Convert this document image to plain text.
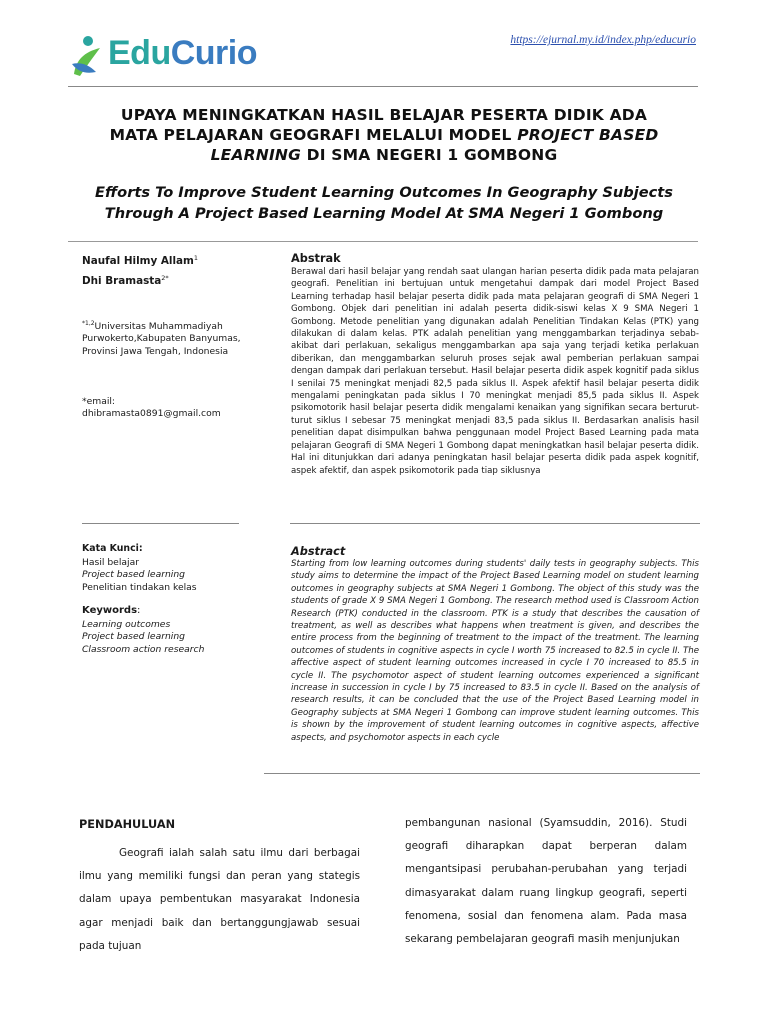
EduCurio	https://ejurnal.my.id/index.php/educurio
UPAYA MENINGKATKAN HASIL BELAJAR PESERTA DIDIK ADA
MATA PELAJARAN GEOGRAFI MELALUI MODEL PROJECT BASED
LEARNING DI SMA NEGERI 1 GOMBONG
Efforts To Improve Student Learning Outcomes In Geography Subjects
Through A Project Based Learning Model At SMA Negeri 1 Gombong
Naufal Hilmy Allam$^1$
Dhi Bramasta$^{2*}$
$^{*1,2}$Universitas Muhammadiyah Purwokerto,Kabupaten Banyumas, Provinsi Jawa Tengah, Indonesia
*email:
dhibramasta0891@gmail.com
Abstrak
Berawal dari hasil belajar yang rendah saat ulangan harian peserta didik pada mata pelajaran geografi. Penelitian ini bertujuan untuk mengetahui dampak dari model Project Based Learning terhadap hasil belajar peserta didik pada mata pelajaran geografi di SMA Negeri 1 Gombong. Objek dari penelitian ini adalah peserta didik-siswi kelas X 9 SMA Negeri 1 Gombong. Metode penelitian yang digunakan adalah Penelitian Tindakan Kelas (PTK) yang dilakukan di dalam kelas. PTK adalah penelitian yang menggambarkan terjadinya sebab-akibat dari perlakuan, sekaligus menggambarkan apa saja yang terjadi ketika perlakuan diberikan, dan menggambarkan seluruh proses sejak awal pemberian perlakuan sampai dengan dampak dari perlakuan tersebut. Hasil belajar peserta didik aspek kognitif pada siklus I senilai 75 meningkat menjadi 82,5 pada siklus II. Aspek afektif hasil belajar peserta didik mengalami peningkatan pada siklus I 70 meningkat menjadi 85,5 pada siklus II. Aspek psikomotorik hasil belajar peserta didik mengalami kenaikan yang signifikan secara berturut-turut siklus I sebesar 75 meningkat menjadi 83,5 pada siklus II. Berdasarkan analisis hasil penelitian dapat disimpulkan bahwa penggunaan model Project Based Learning pada mata pelajaran Geografi di SMA Negeri 1 Gombong dapat meningkatkan hasil belajar peserta didik. Hal ini ditunjukkan dari adanya peningkatan hasil belajar peserta didik pada aspek kognitif, aspek afektif, dan aspek psikomotorik pada tiap siklusnya
Kata Kunci:
Hasil belajar
Project based learning
Penelitian tindakan kelas
Keywords:
Learning outcomes
Project based learning
Classroom action research
Abstract
Starting from low learning outcomes during students' daily tests in geography subjects. This study aims to determine the impact of the Project Based Learning model on student learning outcomes in geography subjects at SMA Negeri 1 Gombong. The object of this study was the students of grade X 9 SMA Negeri 1 Gombong. The research method used is Classroom Action Research (PTK) conducted in the classroom. PTK is a study that describes the causation of treatment, as well as describes what happens when treatment is given, and describes the entire process from the beginning of treatment to the impact of the treatment. The learning outcomes of students in cognitive aspects in cycle I worth 75 increased to 82.5 in cycle II. The affective aspect of student learning outcomes increased in cycle I 70 increased to 85.5 in cycle II. The psychomotor aspect of student learning outcomes experienced a significant increase in succession in cycle I by 75 increased to 83.5 in cycle II. Based on the analysis of research results, it can be concluded that the use of the Project Based Learning model in Geography subjects at SMA Negeri 1 Gombong can improve student learning outcomes. This is shown by the improvement of student learning outcomes in cognitive aspects, affective aspects, and psychomotor aspects in each cycle
PENDAHULUAN

Geografi ialah salah satu ilmu dari berbagai ilmu yang memiliki fungsi dan peran yang stategis dalam upaya pembentukan masyarakat Indonesia agar menjadi baik dan bertanggungjawab sesuai pada tujuan

pembangunan nasional (Syamsuddin, 2016). Studi geografi diharapkan dapat berperan dalam mengantsipasi perubahan-perubahan yang terjadi dimasyarakat dalam ruang lingkup geografi, seperti fenomena, sosial dan fenomena alam. Pada masa sekarang pembelajaran geografi masih menjunjukan
